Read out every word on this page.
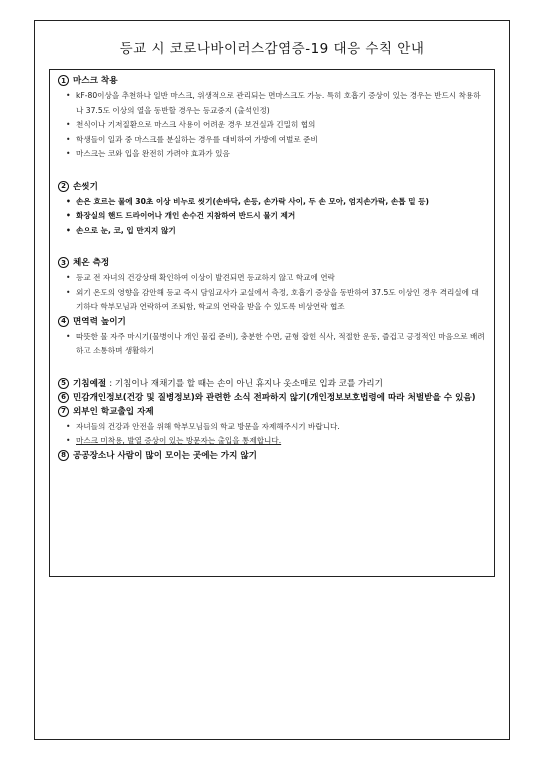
등교 시 코로나바이러스감염증-19 대응 수칙 안내
1 마스크 착용
• kF-80이상을 추천하나 일반 마스크, 위생적으로 관리되는 면마스크도 가능. 특히 호흡기 증상이 있는 경우는 반드시 착용하나 37.5도 이상의 열을 동반할 경우는 등교중지 (출석인정)
• 천식이나 기저질환으로 마스크 사용이 어려운 경우 보건실과 긴밀히 협의
• 학생들이 일과 중 마스크를 분실하는 경우를 대비하여 가방에 여벌로 준비
• 마스크는 코와 입을 완전히 가려야 효과가 있음
2 손씻기
• 손은 흐르는 물에 30초 이상 비누로 씻기(손바닥, 손등, 손가락 사이, 두 손 모아, 엄지손가락, 손톱 밑 등)
• 화장실의 핸드 드라이어나 개인 손수건 지참하여 반드시 물기 제거
• 손으로 눈, 코, 입 만지지 않기
3 체온 측정
• 등교 전 자녀의 건강상태 확인하여 이상이 발견되면 등교하지 않고 학교에 연락
• 외기 온도의 영향을 감안해 등교 즉시 담임교사가 교실에서 측정, 호흡기 증상을 동반하여 37.5도 이상인 경우 격리실에 대기하다 학부모님과 연락하여 조퇴함, 학교의 연락을 받을 수 있도록 비상연락 협조
4 면역력 높이기
• 따뜻한 물 자주 마시기(물병이나 개인 물컵 준비), 충분한 수면, 균형 잡힌 식사, 적절한 운동, 즐겁고 긍정적인 마음으로 배려하고 소통하며 생활하기
5 기침예절
: 기침이나 재채기를 할 때는 손이 아닌 휴지나 옷소매로 입과 코를 가리기
6 민감개인정보(건강 및 질병정보)와 관련한 소식 전파하지 않기(개인정보보호법령에 따라 처벌받을 수 있음)
7 외부인 학교출입 자제
• 자녀들의 건강과 안전을 위해 학부모님들의 학교 방문을 자제해주시기 바랍니다.
• 마스크 미착용, 발열 증상이 있는 방문자는 출입을 통제합니다.
8 공공장소나 사람이 많이 모이는 곳에는 가지 않기
